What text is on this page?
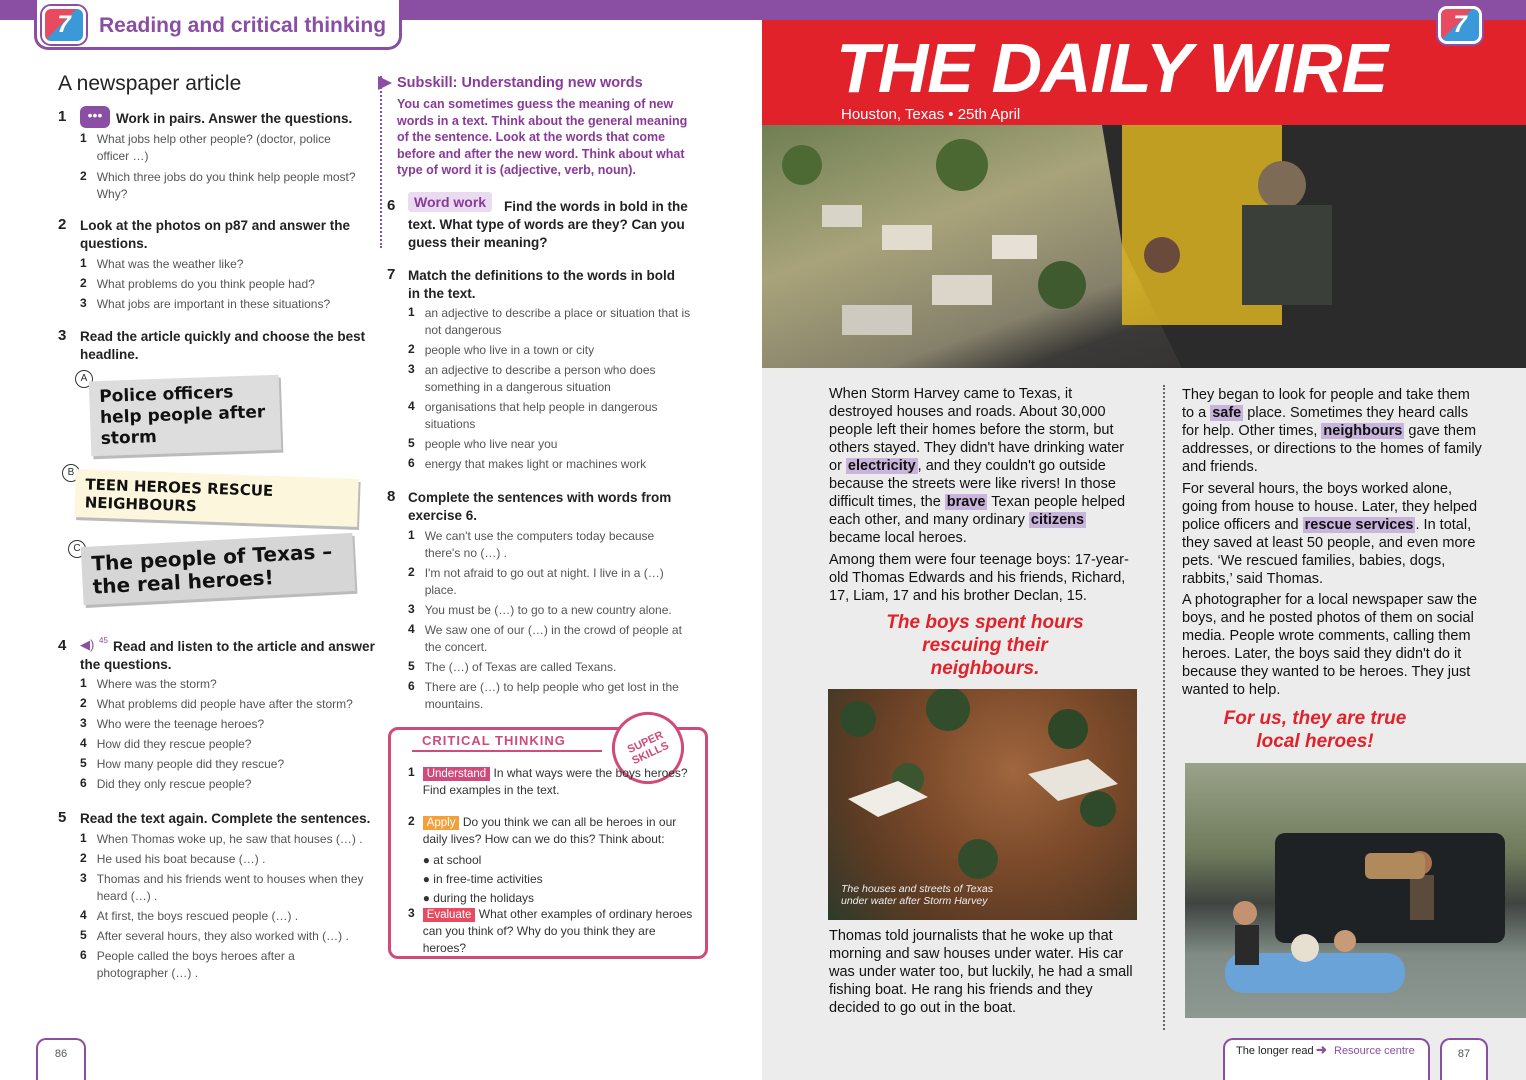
7	Reading and critical thinking
A newspaper article
1	•••	Work in pairs. Answer the questions.
1 What jobs help other people? (doctor, police officer …)
2 Which three jobs do you think help people most? Why?
2 Look at the photos on p87 and answer the questions.
1 What was the weather like?
2 What problems do you think people had?
3 What jobs are important in these situations?
3 Read the article quickly and choose the best headline.
A
Police officers help people after storm
B
TEEN HEROES RESCUE NEIGHBOURS
C The people of Texas – the real heroes!
4 ◀) 45 Read and listen to the article and answer the questions.
1 Where was the storm?
2 What problems did people have after the storm?
3 Who were the teenage heroes?
4 How did they rescue people?
5 How many people did they rescue?
6 Did they only rescue people?
5 Read the text again. Complete the sentences.
1 When Thomas woke up, he saw that houses (…) .
2 He used his boat because (…) .
3 Thomas and his friends went to houses when they heard (…) .
4 At first, the boys rescued people (…) .
5 After several hours, they also worked with (…) .
6 People called the boys heroes after a photographer (…) .
Subskill: Understanding new words
You can sometimes guess the meaning of new words in a text. Think about the general meaning of the sentence. Look at the words that come before and after the new word. Think about what type of word it is (adjective, verb, noun).
6	Word work	Find the words in bold in the text. What type of words are they? Can you guess their meaning?
7 Match the definitions to the words in bold in the text.
1 an adjective to describe a place or situation that is not dangerous
2 people who live in a town or city
3 an adjective to describe a person who does something in a dangerous situation
4 organisations that help people in dangerous situations
5 people who live near you
6 energy that makes light or machines work
8 Complete the sentences with words from exercise 6.
1 We can't use the computers today because there's no (…) .
2 I'm not afraid to go out at night. I live in a (…) place.
3 You must be (…) to go to a new country alone.
4 We saw one of our (…) in the crowd of people at the concert.
5 The (…) of Texas are called Texans.
6 There are (…) to help people who get lost in the mountains.
CRITICAL THINKING	SUPER SKILLS
1	Understand In what ways were the boys heroes? Find examples in the text.
2	Apply Do you think we can all be heroes in our daily lives? How can we do this? Think about:
● at school
● in free-time activities
● during the holidays
3	Evaluate What other examples of ordinary heroes can you think of? Why do you think they are heroes?
86
THE DAILY WIRE
7
Houston, Texas • 25th April
When Storm Harvey came to Texas, it destroyed houses and roads. About 30,000 people left their homes before the storm, but others stayed. They didn't have drinking water or electricity , and they couldn't go outside because the streets were like rivers! In those difficult times, the brave Texan people helped each other, and many ordinary citizens became local heroes.
Among them were four teenage boys: 17-year-old Thomas Edwards and his friends, Richard, 17, Liam, 17 and his brother Declan, 15.
The boys spent hours rescuing their neighbours.
The houses and streets of Texas under water after Storm Harvey
Thomas told journalists that he woke up that morning and saw houses under water. His car was under water too, but luckily, he had a small fishing boat. He rang his friends and they decided to go out in the boat.
They began to look for people and take them to a safe place. Sometimes they heard calls for help. Other times, neighbours gave them addresses, or directions to the homes of family and friends.
For several hours, the boys worked alone, going from house to house. Later, they helped police officers and rescue services . In total, they saved at least 50 people, and even more pets. ‘We rescued families, babies, dogs, rabbits,’ said Thomas.
A photographer for a local newspaper saw the boys, and he posted photos of them on social media. People wrote comments, calling them heroes. Later, the boys said they didn't do it because they wanted to be heroes. They just wanted to help.
For us, they are true local heroes!
The longer read ➜ Resource centre	87
